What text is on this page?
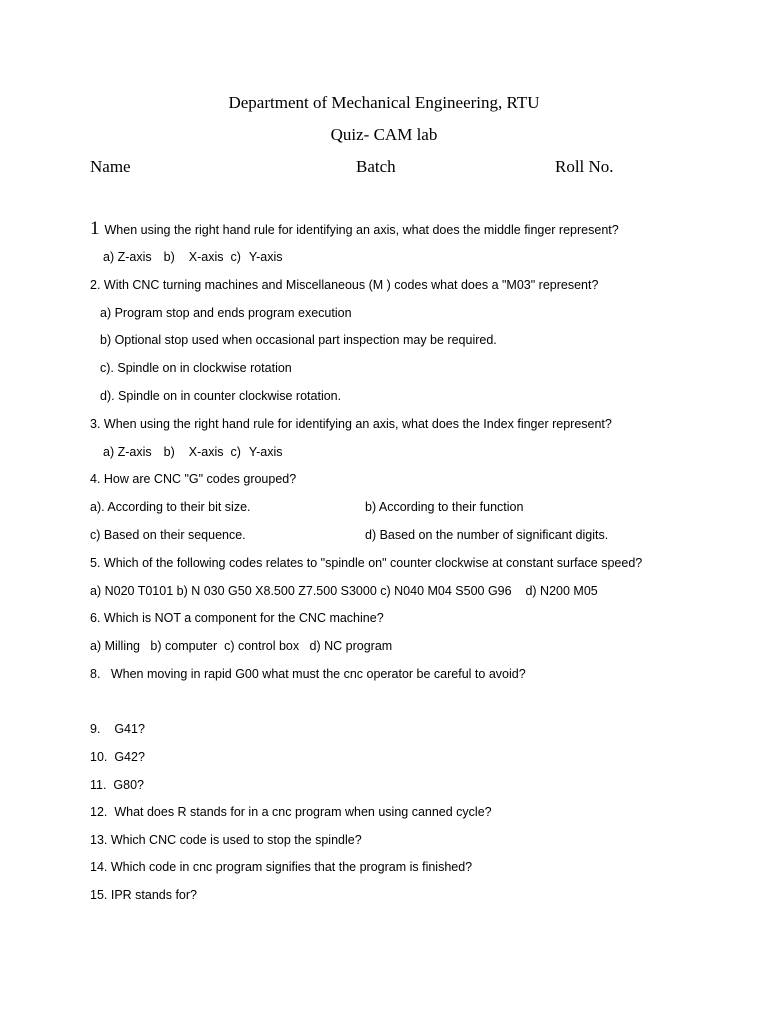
Department of Mechanical Engineering, RTU
Quiz- CAM lab
Name	Batch	Roll No.
1 When using the right hand rule for identifying an axis, what does the middle finger represent?
a) Z-axis b) X-axis c) Y-axis
2. With CNC turning machines and Miscellaneous (M ) codes what does a "M03" represent?
a) Program stop and ends program execution
b) Optional stop used when occasional part inspection may be required.
c). Spindle on in clockwise rotation
d). Spindle on in counter clockwise rotation.
3. When using the right hand rule for identifying an axis, what does the Index finger represent?
a) Z-axis b) X-axis c) Y-axis
4. How are CNC "G" codes grouped?
a). According to their bit size.	b) According to their function
c) Based on their sequence.	d) Based on the number of significant digits.
5. Which of the following codes relates to "spindle on" counter clockwise at constant surface speed?
a) N020 T0101 b) N 030 G50 X8.500 Z7.500 S3000 c) N040 M04 S500 G96    d) N200 M05
6. Which is NOT a component for the CNC machine?
a) Milling   b) computer  c) control box   d) NC program
8.   When moving in rapid G00 what must the cnc operator be careful to avoid?
9.    G41?
10.  G42?
11.  G80?
12.  What does R stands for in a cnc program when using canned cycle?
13. Which CNC code is used to stop the spindle?
14. Which code in cnc program signifies that the program is finished?
15. IPR stands for?
